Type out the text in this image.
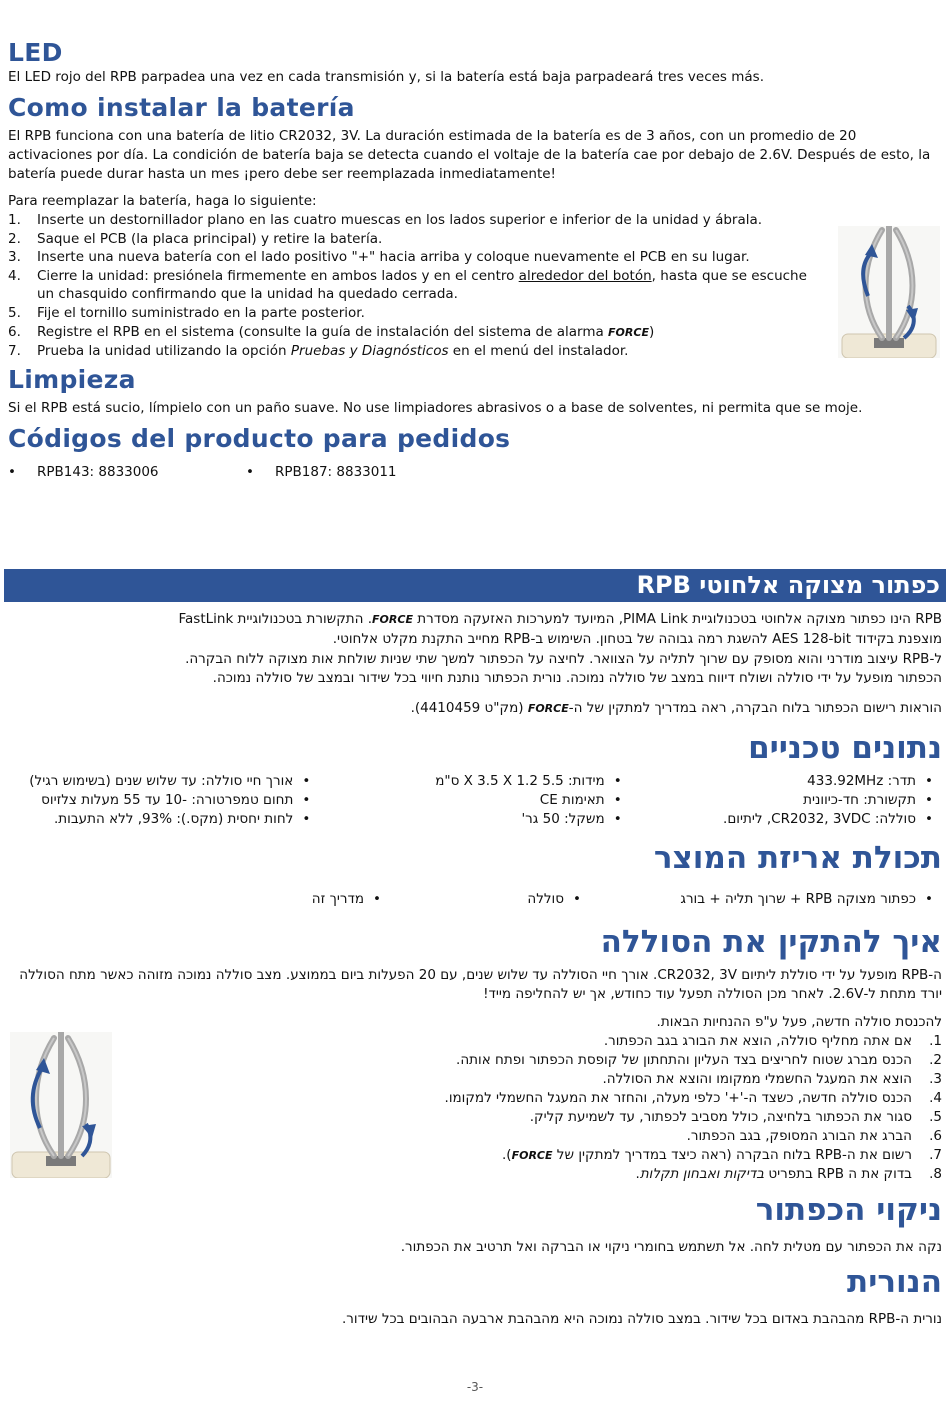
LED

El LED rojo del RPB parpadea una vez en cada transmisión y, si la batería está baja parpadeará tres veces más.

Como instalar la batería

El RPB funciona con una batería de litio CR2032, 3V. La duración estimada de la batería es de 3 años, con un promedio de 20 activaciones por día. La condición de batería baja se detecta cuando el voltaje de la batería cae por debajo de 2.6V. Después de esto, la batería puede durar hasta un mes ¡pero debe ser reemplazada inmediatamente!

Para reemplazar la batería, haga lo siguiente:

1. Inserte un destornillador plano en las cuatro muescas en los lados superior e inferior de la unidad y ábrala.
2. Saque el PCB (la placa principal) y retire la batería.
3. Inserte una nueva batería con el lado positivo "+" hacia arriba y coloque nuevamente el PCB en su lugar.
4. Cierre la unidad: presiónela firmemente en ambos lados y en el centro alrededor del botón, hasta que se escuche un chasquido confirmando que la unidad ha quedado cerrada.
5. Fije el tornillo suministrado en la parte posterior.
6. Registre el RPB en el sistema (consulte la guía de instalación del sistema de alarma FORCE)
7. Prueba la unidad utilizando la opción Pruebas y Diagnósticos en el menú del instalador.
Limpieza

Si el RPB está sucio, límpielo con un paño suave. No use limpiadores abrasivos o a base de solventes, ni permita que se moje.

Códigos del producto para pedidos
•	RPB143: 8833006	•	RPB187: 8833011
כפתור מצוקה אלחוטי RPB

RPB הינו כפתור מצוקה אלחוטי בטכנולוגיית PIMA Link, המיועד למערכות האזעקה מסדרת FORCE. התקשורת בטכנולוגיית FastLink

מוצפנת בקידוד AES 128-bit להשגת רמה גבוהה של בטחון. השימוש ב-RPB מחייב התקנת מקלט אלחוטי.

ל-RPB עיצוב מודרני והוא מסופק עם שרוך לתליה על הצוואר. לחיצה על הכפתור למשך שתי שניות שולחת אות מצוקה ללוח הבקרה.

הכפתור מופעל על ידי סוללה ושולח דיווח במצב של סוללה נמוכה. נורית הכפתור נותנת חיווי בכל שידור ובמצב של סוללה נמוכה.

הוראות רישום הכפתור בלוח הבקרה, ראה במדריך למתקין של ה-FORCE (מק"ט 4410459).

נתונים טכניים
•
תדר: 433.92MHz
•
תקשורת: חד-כיוונית
•
סוללה: CR2032, 3VDC, ליתיום.
•
מידות: 5.5 X 3.5 X 1.2 ס"מ
•
תאימות CE
•
משקל: 50 גר'
•
אורך חיי סוללה: עד שלוש שנים (בשימוש רגיל)
•
תחום טמפרטורה: -10 עד 55 מעלות צלזיוס
•
לחות יחסית (מקס.): 93%, ללא התעבות.
תכולת אריזת המוצר
•
כפתור מצוקה RPB + שרוך תליה + בורג
•
סוללה
•
מדריך זה
איך להתקין את הסוללה

ה-RPB מופעל על ידי סוללת ליתיום CR2032, 3V. אורך חיי הסוללה עד שלוש שנים, עם 20 הפעלות ביום בממוצע. מצב סוללה נמוכה מזוהה כאשר מתח הסוללה יורד מתחת ל-2.6V. לאחר מכן הסוללה תפעל עוד כחודש, אך יש להחליפה מייד!

להכנסת סוללה חדשה, פעל ע"פ ההנחיות הבאות.

1.
אם אתה מחליף סוללה, הוצא את הבורג בגב הכפתור.
2.
הכנס מברג שטוח לחריצים בצד העליון והתחתון של קופסת הכפתור ופתח אותה.
3.
הוצא את המעגל החשמלי ממקומו והוצא את הסוללה.
4.
הכנס סוללה חדשה, כשצד ה-'+' כלפי מעלה, והחזר את המעגל החשמלי למקומו.
5.
סגור את הכפתור בלחיצה, כולל מסביב לכפתור, עד לשמיעת קליק.
6.
הברג את הבורג המסופק, בגב הכפתור.
7.
רשום את ה-RPB בלוח הבקרה (ראה כיצד במדריך למתקין של FORCE).
8.
בדוק את ה RPB בתפריט בדיקות ואבחון תקלות.
ניקוי הכפתור

נקה את הכפתור עם מטלית לחה. אל תשתמש בחומרי ניקוי או הברקה ואל תרטיב את הכפתור.

הנורית

נורית ה-RPB מהבהבת באדום בכל שידור. במצב סוללה נמוכה היא מהבהבת ארבעה הבהובים בכל שידור.

-3-
